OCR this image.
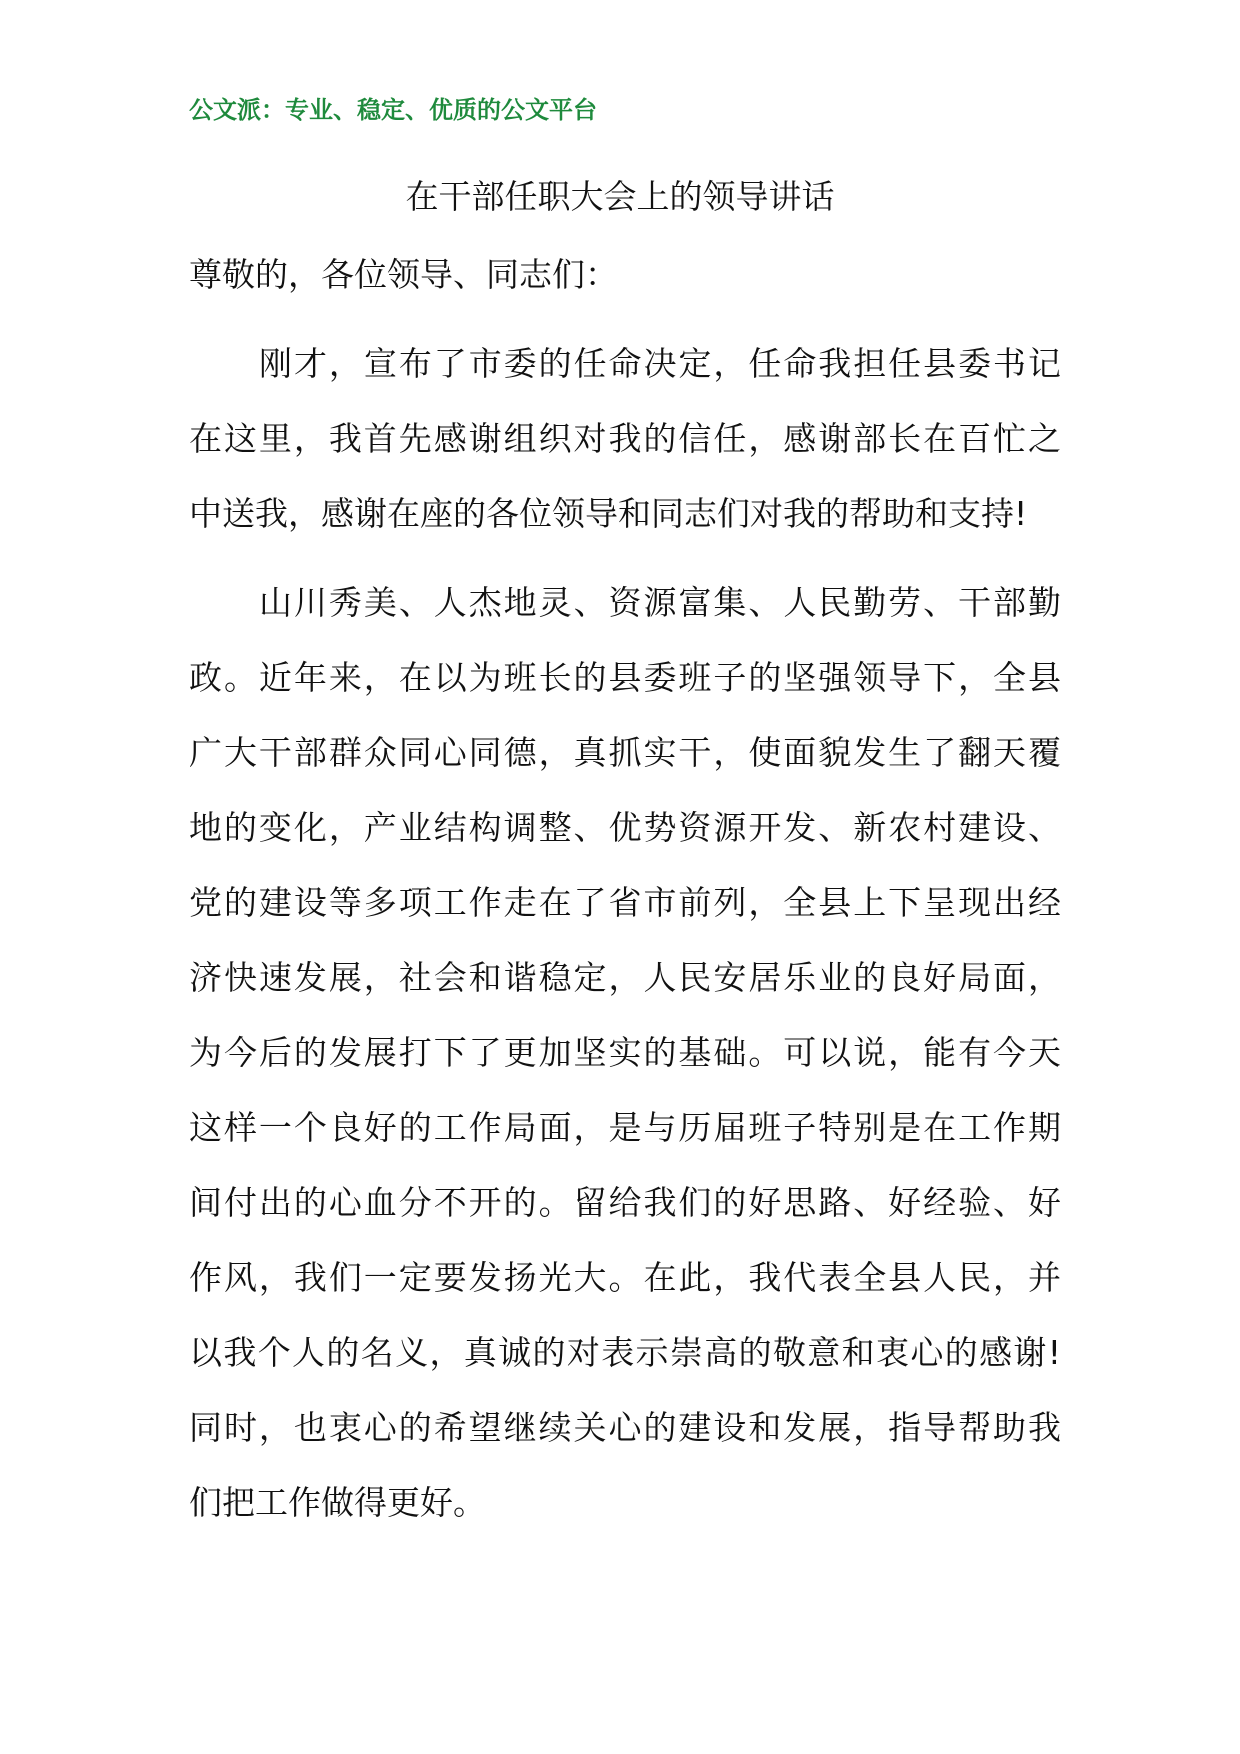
公文派：专业、稳定、优质的公文平台
在干部任职大会上的领导讲话
尊敬的，各位领导、同志们：
刚才，宣布了市委的任命决定，任命我担任县委书记
在这里，我首先感谢组织对我的信任，感谢部长在百忙之
中送我，感谢在座的各位领导和同志们对我的帮助和支持!
山川秀美、人杰地灵、资源富集、人民勤劳、干部勤
政。近年来，在以为班长的县委班子的坚强领导下，全县
广大干部群众同心同德，真抓实干，使面貌发生了翻天覆
地的变化，产业结构调整、优势资源开发、新农村建设、
党的建设等多项工作走在了省市前列，全县上下呈现出经
济快速发展，社会和谐稳定，人民安居乐业的良好局面，
为今后的发展打下了更加坚实的基础。可以说，能有今天
这样一个良好的工作局面，是与历届班子特别是在工作期
间付出的心血分不开的。留给我们的好思路、好经验、好
作风，我们一定要发扬光大。在此，我代表全县人民，并
以我个人的名义，真诚的对表示崇高的敬意和衷心的感谢!
同时，也衷心的希望继续关心的建设和发展，指导帮助我
们把工作做得更好。
